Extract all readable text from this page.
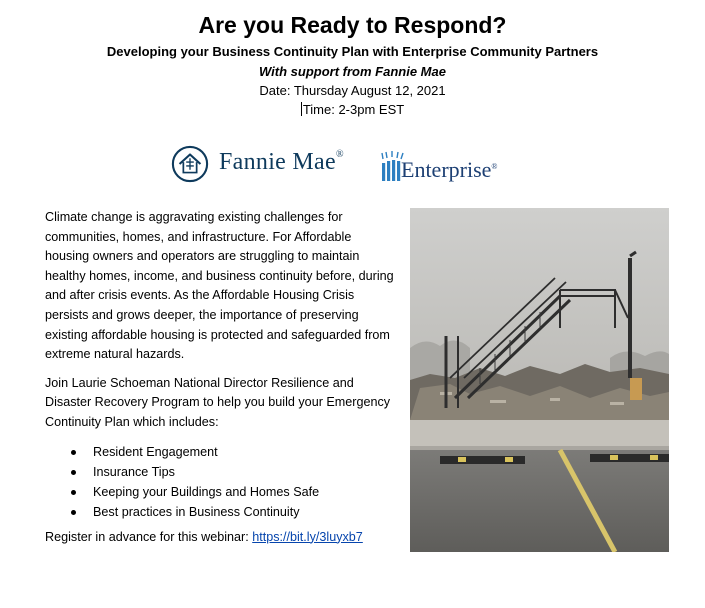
Are you Ready to Respond?
Developing your Business Continuity Plan with Enterprise Community Partners
With support from Fannie Mae
Date: Thursday August 12, 2021
Time: 2-3pm EST
Fannie Mae®
Enterprise®

Climate change is aggravating existing challenges for communities, homes, and infrastructure. For Affordable housing owners and operators are struggling to maintain healthy homes, income, and business continuity before, during and after crisis events. As the Affordable Housing Crisis persists and grows deeper, the importance of preserving existing affordable housing is protected and safeguarded from extreme natural hazards.

Join Laurie Schoeman National Director Resilience and Disaster Recovery Program to help you build your Emergency Continuity Plan which includes:

Resident Engagement
Insurance Tips
Keeping your Buildings and Homes Safe
Best practices in Business Continuity

Register in advance for this webinar: https://bit.ly/3luyxb7
